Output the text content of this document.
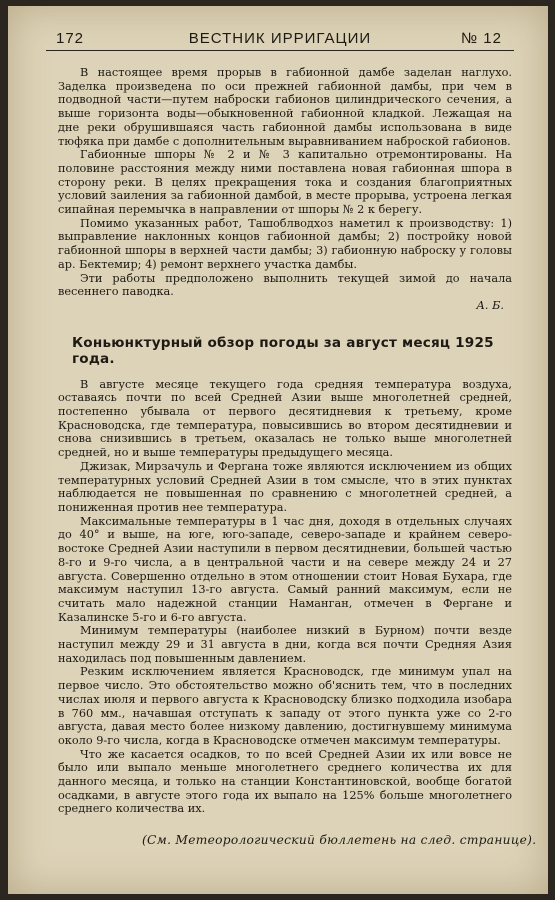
172	ВЕСТНИК ИРРИГАЦИИ	№ 12

В настоящее время прорыв в габионной дамбе заделан наглухо. Заделка произведена по оси прежней габионной дамбы, при чем в подводной части—путем наброски габионов цилиндрического сечения, а выше горизонта воды—обыкновенной габионной кладкой. Лежащая на дне реки обрушившаяся часть габионной дамбы использована в виде тюфяка при дамбе с дополнительным выравниванием наброской габионов.

Габионные шпоры № 2 и № 3 капитально отремонтированы. На половине расстояния между ними поставлена новая габионная шпора в сторону реки. В целях прекращения тока и создания благоприятных условий заиления за габионной дамбой, в месте прорыва, устроена легкая сипайная перемычка в направлении от шпоры № 2 к берегу.

Помимо указанных работ, Ташоблводхоз наметил к производству: 1) выправление наклонных концов габионной дамбы; 2) постройку новой габионной шпоры в верхней части дамбы; 3) габионную наброску у головы ар. Бектемир; 4) ремонт верхнего участка дамбы.

Эти работы предположено выполнить текущей зимой до начала весеннего паводка.

А. Б.
Коньюнктурный обзор погоды за август месяц 1925 года.

В августе месяце текущего года средняя температура воздуха, оставаясь почти по всей Средней Азии выше многолетней средней, постепенно убывала от первого десятидневия к третьему, кроме Красноводска, где температура, повысившись во втором десятидневии и снова снизившись в третьем, оказалась не только выше многолетней средней, но и выше температуры предыдущего месяца.

Джизак, Мирзачуль и Фергана тоже являются исключением из общих температурных условий Средней Азии в том смысле, что в этих пунктах наблюдается не повышенная по сравнению с многолетней средней, а пониженная против нее температура.

Максимальные температуры в 1 час дня, доходя в отдельных случаях до 40° и выше, на юге, юго-западе, северо-западе и крайнем северо-востоке Средней Азии наступили в первом десятидневии, большей частью 8-го и 9-го числа, а в центральной части и на севере между 24 и 27 августа. Совершенно отдельно в этом отношении стоит Новая Бухара, где максимум наступил 13-го августа. Самый ранний максимум, если не считать мало надежной станции Наманган, отмечен в Фергане и Казалинске 5-го и 6-го августа.

Минимум температуры (наиболее низкий в Бурном) почти везде наступил между 29 и 31 августа в дни, когда вся почти Средняя Азия находилась под повышенным давлением.

Резким исключением является Красноводск, где минимум упал на первое число. Это обстоятельство можно об'яснить тем, что в последних числах июля и первого августа к Красноводску близко подходила изобара в 760 мм., начавшая отступать к западу от этого пункта уже со 2-го августа, давая место более низкому давлению, достигнувшему минимума около 9-го числа, когда в Красноводске отмечен максимум температуры.

Что же касается осадков, то по всей Средней Азии их или вовсе не было или выпало меньше многолетнего среднего количества их для данного месяца, и только на станции Константиновской, вообще богатой осадками, в августе этого года их выпало на 125% больше многолетнего среднего количества их.

(См. Метеорологический бюллетень на след. странице).
